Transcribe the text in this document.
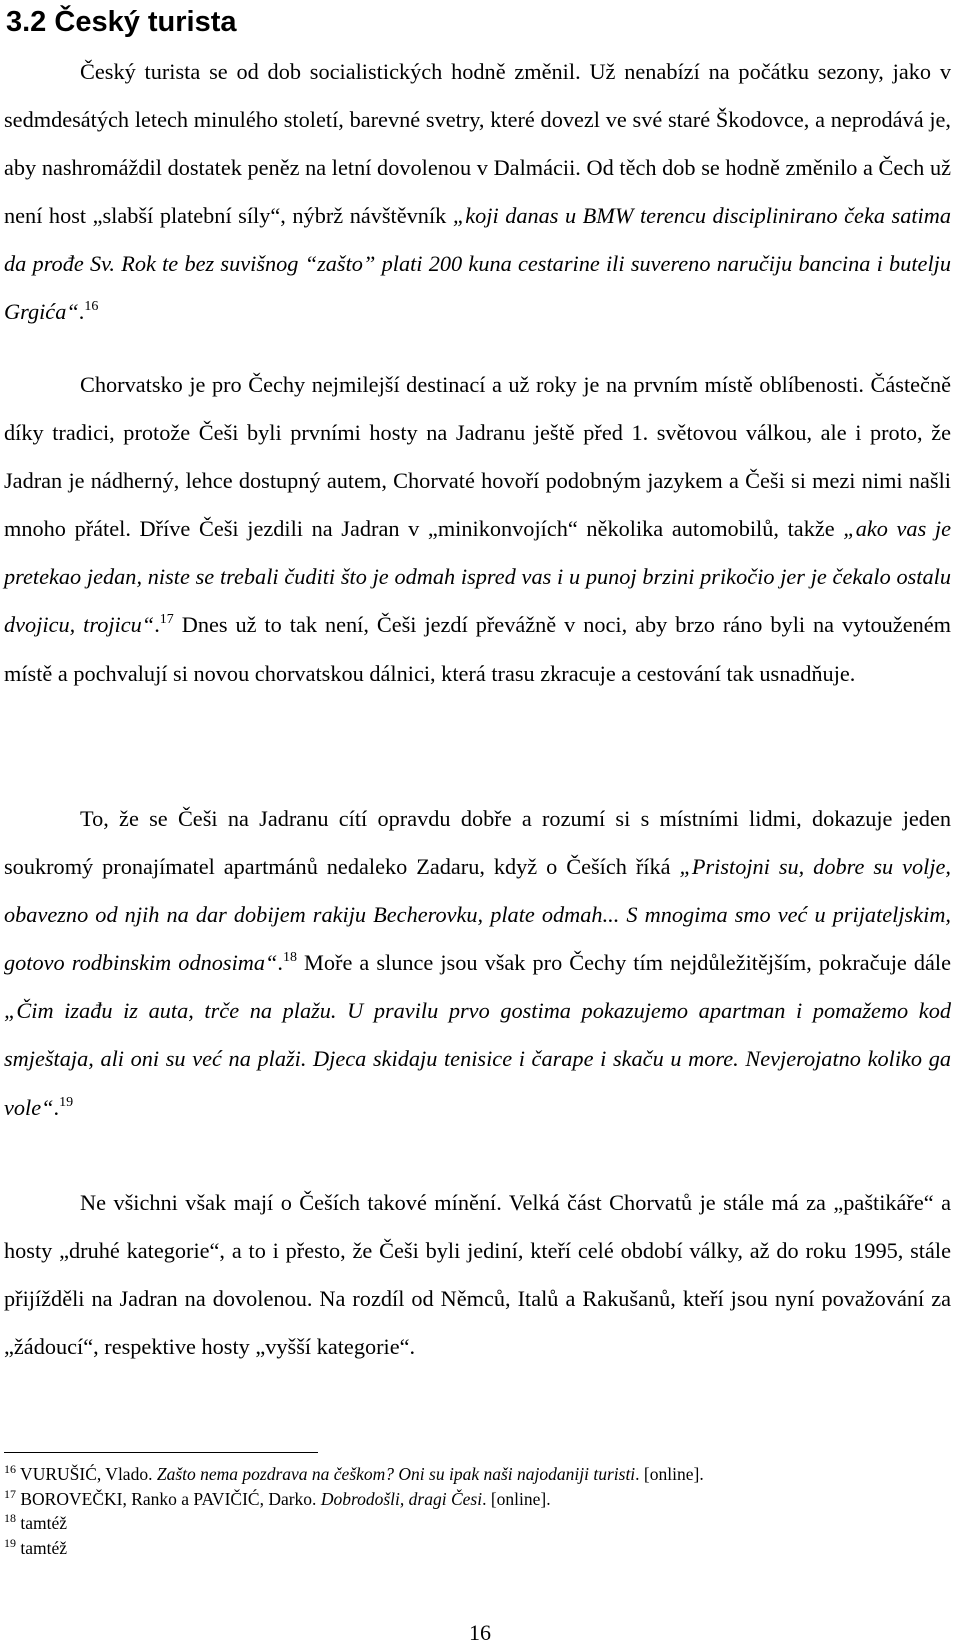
3.2 Český turista

Český turista se od dob socialistických hodně změnil. Už nenabízí na počátku sezony, jako v sedmdesátých letech minulého století, barevné svetry, které dovezl ve své staré Škodovce, a neprodává je, aby nashromáždil dostatek peněz na letní dovolenou v Dalmácii. Od těch dob se hodně změnilo a Čech už není host „slabší platební síly“, nýbrž návštěvník „koji danas u BMW terencu disciplinirano čeka satima da prođe Sv. Rok te bez suvišnog “zašto” plati 200 kuna cestarine ili suvereno naručiju bancina i butelju Grgića“.$^{16}$

Chorvatsko je pro Čechy nejmilejší destinací a už roky je na prvním místě oblíbenosti. Částečně díky tradici, protože Češi byli prvními hosty na Jadranu ještě před 1. světovou válkou, ale i proto, že Jadran je nádherný, lehce dostupný autem, Chorvaté hovoří podobným jazykem a Češi si mezi nimi našli mnoho přátel. Dříve Češi jezdili na Jadran v „minikonvojích“ několika automobilů, takže „ako vas je pretekao jedan, niste se trebali čuditi što je odmah ispred vas i u punoj brzini prikočio jer je čekalo ostalu dvojicu, trojicu“.$^{17}$ Dnes už to tak není, Češi jezdí převážně v noci, aby brzo ráno byli na vytouženém místě a pochvalují si novou chorvatskou dálnici, která trasu zkracuje a cestování tak usnadňuje.

To, že se Češi na Jadranu cítí opravdu dobře a rozumí si s místními lidmi, dokazuje jeden soukromý pronajímatel apartmánů nedaleko Zadaru, když o Češích říká „Pristojni su, dobre su volje, obavezno od njih na dar dobijem rakiju Becherovku, plate odmah... S mnogima smo već u prijateljskim, gotovo rodbinskim odnosima“.$^{18}$ Moře a slunce jsou však pro Čechy tím nejdůležitějším, pokračuje dále „Čim izađu iz auta, trče na plažu. U pravilu prvo gostima pokazujemo apartman i pomažemo kod smještaja, ali oni su već na plaži. Djeca skidaju tenisice i čarape i skaču u more. Nevjerojatno koliko ga vole“.$^{19}$

Ne všichni však mají o Češích takové mínění. Velká část Chorvatů je stále má za „paštikáře“ a hosty „druhé kategorie“, a to i přesto, že Češi byli jediní, kteří celé období války, až do roku 1995, stále přijížděli na Jadran na dovolenou. Na rozdíl od Němců, Italů a Rakušanů, kteří jsou nyní považování za „žádoucí“, respektive hosty „vyšší kategorie“.

$^{16}$ VURUŠIĆ, Vlado. Zašto nema pozdrava na češkom? Oni su ipak naši najodaniji turisti. [online].

$^{17}$ BOROVEČKI, Ranko a PAVIČIĆ, Darko. Dobrodošli, dragi Česi. [online].

$^{18}$ tamtéž

$^{19}$ tamtéž

16
